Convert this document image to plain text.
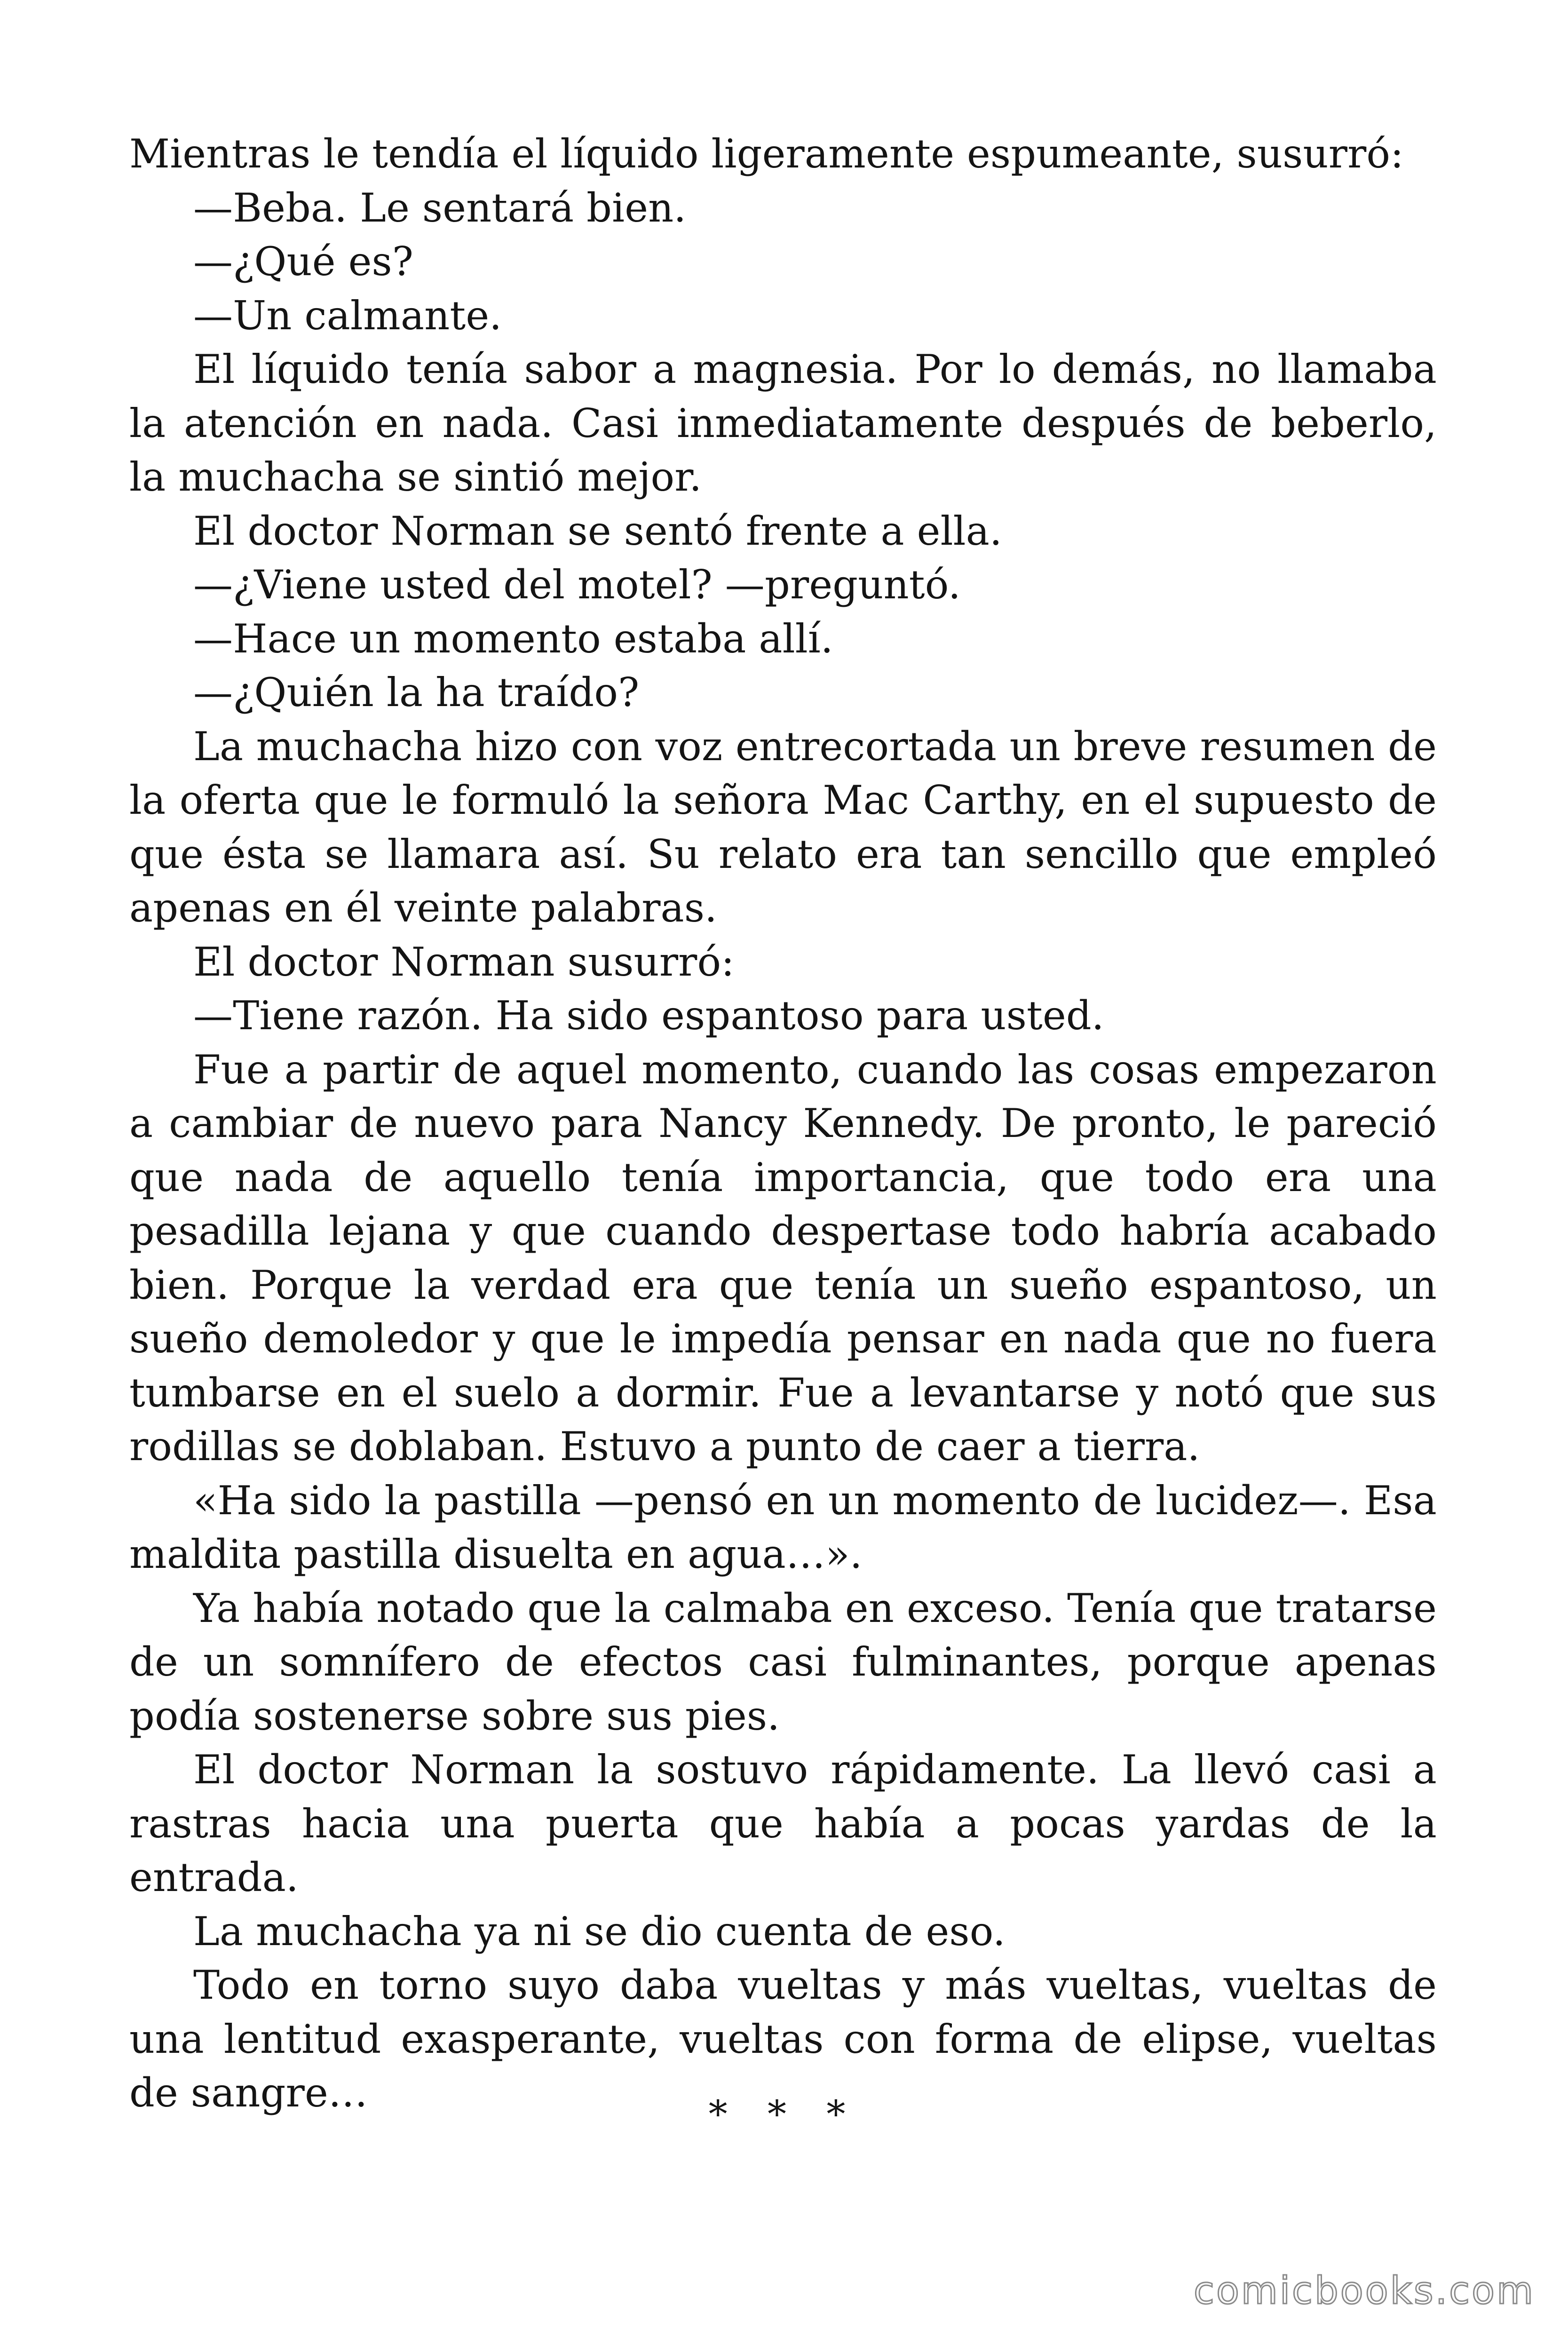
Mientras le tendía el líquido ligeramente espumeante, susurró:

—Beba. Le sentará bien.

—¿Qué es?

—Un calmante.

El líquido tenía sabor a magnesia. Por lo demás, no llamaba la atención en nada. Casi inmediatamente después de beberlo, la muchacha se sintió mejor.

El doctor Norman se sentó frente a ella.

—¿Viene usted del motel? —preguntó.

—Hace un momento estaba allí.

—¿Quién la ha traído?

La muchacha hizo con voz entrecortada un breve resumen de la oferta que le formuló la señora Mac Carthy, en el supuesto de que ésta se llamara así. Su relato era tan sencillo que empleó apenas en él veinte palabras.

El doctor Norman susurró:

—Tiene razón. Ha sido espantoso para usted.

Fue a partir de aquel momento, cuando las cosas empezaron a cambiar de nuevo para Nancy Kennedy. De pronto, le pareció que nada de aquello tenía importancia, que todo era una pesadilla lejana y que cuando despertase todo habría acabado bien. Porque la verdad era que tenía un sueño espantoso, un sueño demoledor y que le impedía pensar en nada que no fuera tumbarse en el suelo a dormir. Fue a levantarse y notó que sus rodillas se doblaban. Estuvo a punto de caer a tierra.

«Ha sido la pastilla —pensó en un momento de lucidez—. Esa maldita pastilla disuelta en agua…».

Ya había notado que la calmaba en exceso. Tenía que tratarse de un somnífero de efectos casi fulminantes, porque apenas podía sostenerse sobre sus pies.

El doctor Norman la sostuvo rápidamente. La llevó casi a rastras hacia una puerta que había a pocas yardas de la entrada.

La muchacha ya ni se dio cuenta de eso.

Todo en torno suyo daba vueltas y más vueltas, vueltas de una lentitud exasperante, vueltas con forma de elipse, vueltas de sangre…	* * *
comicbooks.com
